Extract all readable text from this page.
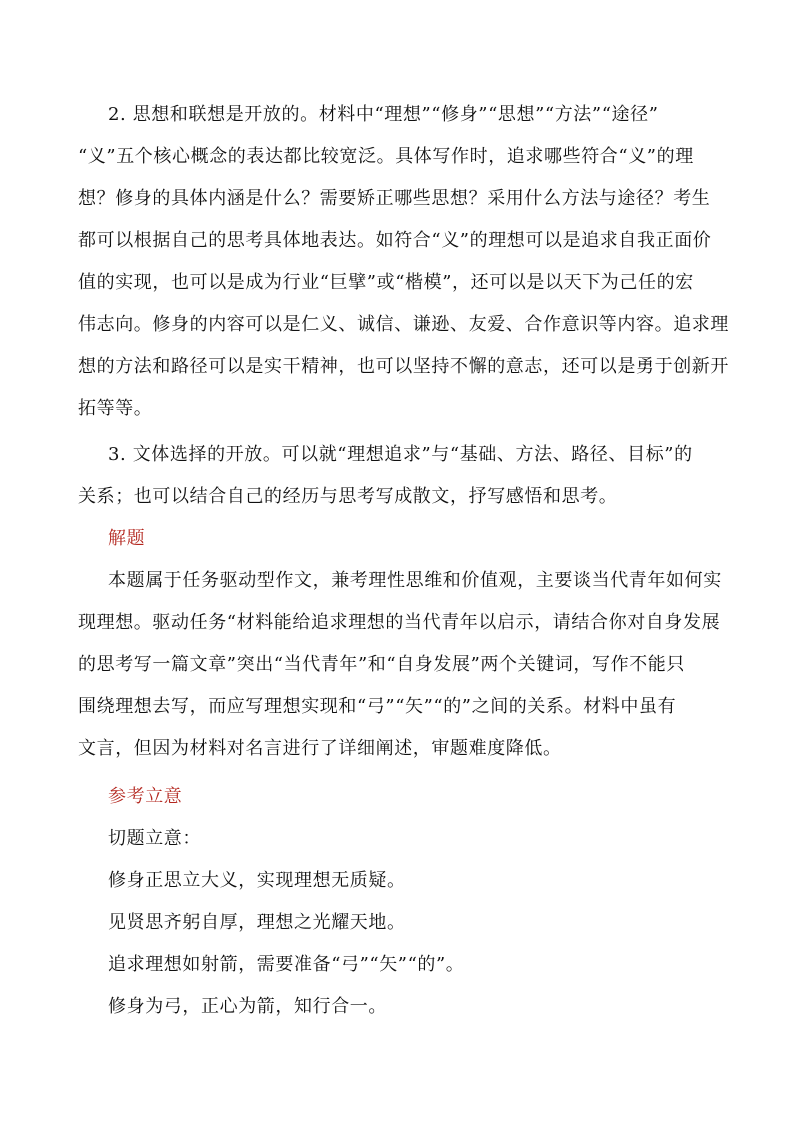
2. 思想和联想是开放的。材料中“理想”“修身”“思想”“方法”“途径”

“义”五个核心概念的表达都比较宽泛。具体写作时，追求哪些符合“义”的理

想？修身的具体内涵是什么？需要矫正哪些思想？采用什么方法与途径？考生

都可以根据自己的思考具体地表达。如符合“义”的理想可以是追求自我正面价

值的实现，也可以是成为行业“巨擘”或“楷模”，还可以是以天下为己任的宏

伟志向。修身的内容可以是仁义、诚信、谦逊、友爱、合作意识等内容。追求理

想的方法和路径可以是实干精神，也可以坚持不懈的意志，还可以是勇于创新开

拓等等。

3. 文体选择的开放。可以就“理想追求”与“基础、方法、路径、目标”的

关系；也可以结合自己的经历与思考写成散文，抒写感悟和思考。

解题

本题属于任务驱动型作文，兼考理性思维和价值观，主要谈当代青年如何实

现理想。驱动任务“材料能给追求理想的当代青年以启示，请结合你对自身发展

的思考写一篇文章”突出“当代青年”和“自身发展”两个关键词，写作不能只

围绕理想去写，而应写理想实现和“弓”“矢”“的”之间的关系。材料中虽有

文言，但因为材料对名言进行了详细阐述，审题难度降低。

参考立意

切题立意：

修身正思立大义，实现理想无质疑。

见贤思齐躬自厚，理想之光耀天地。

追求理想如射箭，需要准备“弓”“矢”“的”。

修身为弓，正心为箭，知行合一。
